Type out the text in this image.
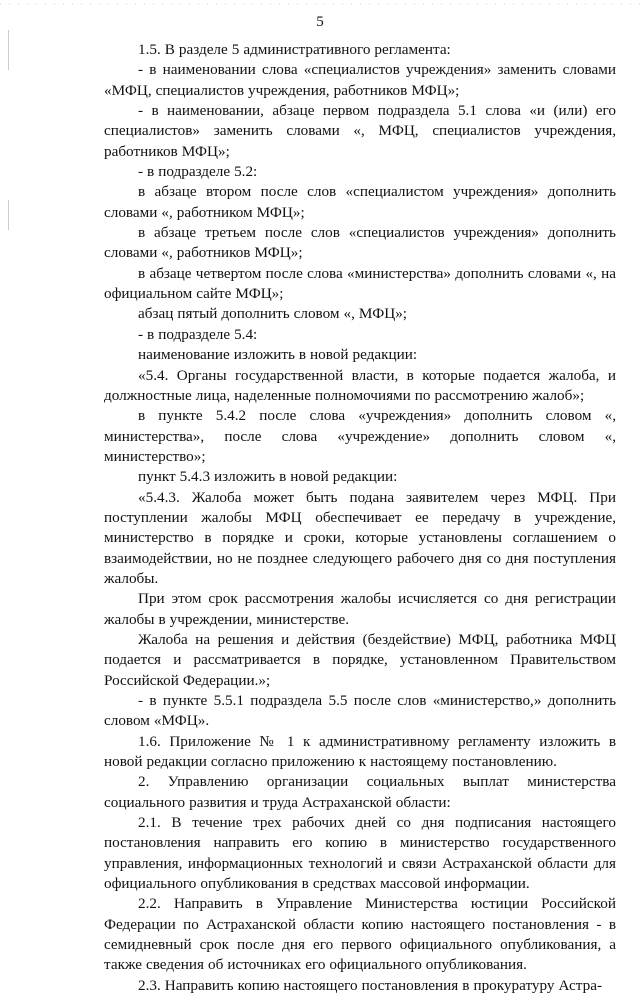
5

1.5. В разделе 5 административного регламента:

- в наименовании слова «специалистов учреждения» заменить словами «МФЦ, специалистов учреждения, работников МФЦ»;

- в наименовании, абзаце первом подраздела 5.1 слова «и (или) его специалистов» заменить словами «, МФЦ, специалистов учреждения, работников МФЦ»;

- в подразделе 5.2:

в абзаце втором после слов «специалистом учреждения» дополнить словами «, работником МФЦ»;

в абзаце третьем после слов «специалистов учреждения» дополнить словами «, работников МФЦ»;

в абзаце четвертом после слова «министерства» дополнить словами «, на официальном сайте МФЦ»;

абзац пятый дополнить словом «, МФЦ»;

- в подразделе 5.4:

наименование изложить в новой редакции:

«5.4. Органы государственной власти, в которые подается жалоба, и должностные лица, наделенные полномочиями по рассмотрению жалоб»;

в пункте 5.4.2 после слова «учреждения» дополнить словом «, министерства», после слова «учреждение» дополнить словом «, министерство»;

пункт 5.4.3 изложить в новой редакции:

«5.4.3. Жалоба может быть подана заявителем через МФЦ. При поступлении жалобы МФЦ обеспечивает ее передачу в учреждение, министерство в порядке и сроки, которые установлены соглашением о взаимодействии, но не позднее следующего рабочего дня со дня поступления жалобы.

При этом срок рассмотрения жалобы исчисляется со дня регистрации жалобы в учреждении, министерстве.

Жалоба на решения и действия (бездействие) МФЦ, работника МФЦ подается и рассматривается в порядке, установленном Правительством Российской Федерации.»;

- в пункте 5.5.1 подраздела 5.5 после слов «министерство,» дополнить словом «МФЦ».

1.6. Приложение № 1 к административному регламенту изложить в новой редакции согласно приложению к настоящему постановлению.

2. Управлению организации социальных выплат министерства социального развития и труда Астраханской области:

2.1. В течение трех рабочих дней со дня подписания настоящего постановления направить его копию в министерство государственного управления, информационных технологий и связи Астраханской области для официального опубликования в средствах массовой информации.

2.2. Направить в Управление Министерства юстиции Российской Федерации по Астраханской области копию настоящего постановления - в семидневный срок после дня его первого официального опубликования, а также сведения об источниках его официального опубликования.

2.3. Направить копию настоящего постановления в прокуратуру Астра-
